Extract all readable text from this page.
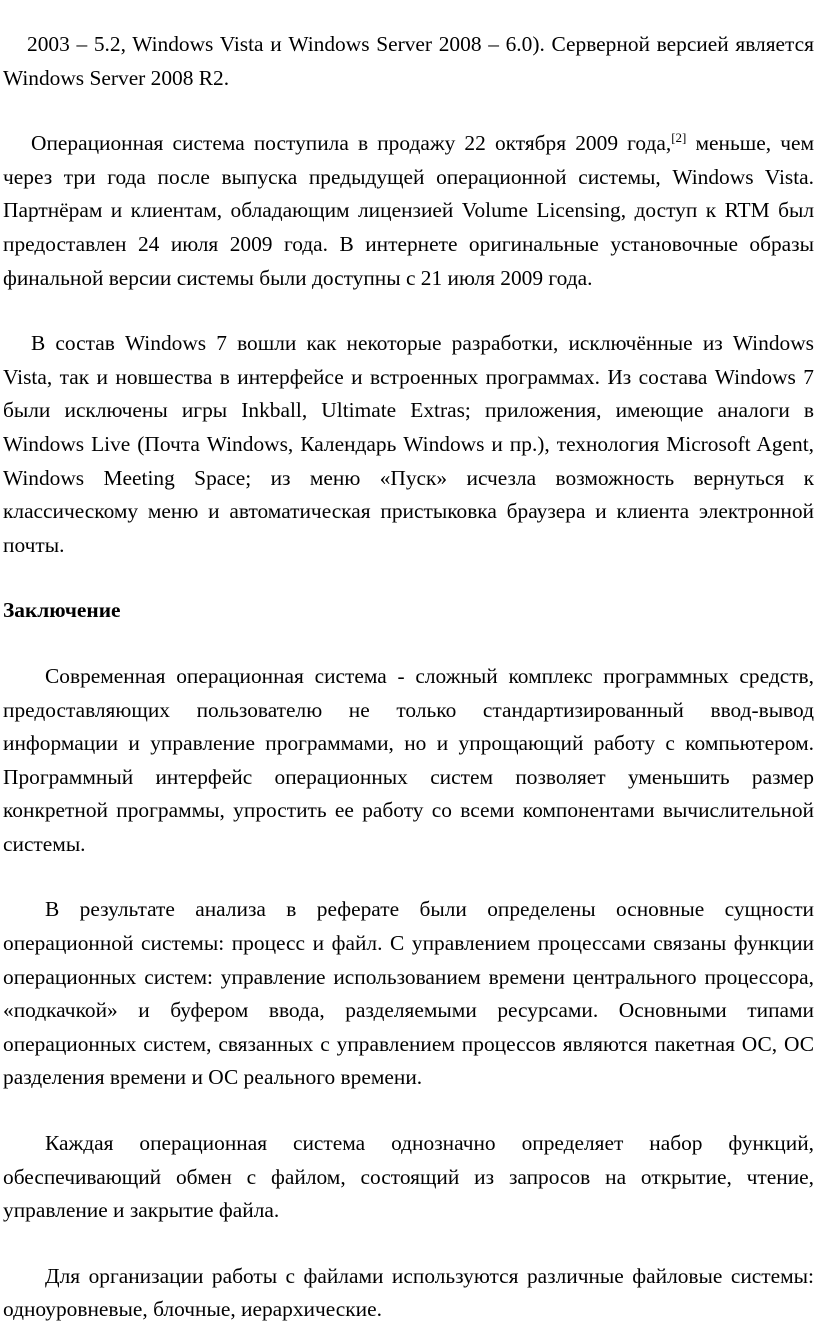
2003 – 5.2, Windows Vista и Windows Server 2008 – 6.0). Серверной версией является Windows Server 2008 R2.

Операционная система поступила в продажу 22 октября 2009 года,[2] меньше, чем через три года после выпуска предыдущей операционной системы, Windows Vista. Партнёрам и клиентам, обладающим лицензией Volume Licensing, доступ к RTM был предоставлен 24 июля 2009 года. В интернете оригинальные установочные образы финальной версии системы были доступны с 21 июля 2009 года.

В состав Windows 7 вошли как некоторые разработки, исключённые из Windows Vista, так и новшества в интерфейсе и встроенных программах. Из состава Windows 7 были исключены игры Inkball, Ultimate Extras; приложения, имеющие аналоги в Windows Live (Почта Windows, Календарь Windows и пр.), технология Microsoft Agent, Windows Meeting Space; из меню «Пуск» исчезла возможность вернуться к классическому меню и автоматическая пристыковка браузера и клиента электронной почты.

Заключение

Современная операционная система - сложный комплекс программных средств, предоставляющих пользователю не только стандартизированный ввод-вывод информации и управление программами, но и упрощающий работу с компьютером. Программный интерфейс операционных систем позволяет уменьшить размер конкретной программы, упростить ее работу со всеми компонентами вычислительной системы.

В результате анализа в реферате были определены основные сущности операционной системы: процесс и файл. С управлением процессами связаны функции операционных систем: управление использованием времени центрального процессора, «подкачкой» и буфером ввода, разделяемыми ресурсами. Основными типами операционных систем, связанных с управлением процессов являются пакетная ОС, ОС разделения времени и ОС реального времени.

Каждая операционная система однозначно определяет набор функций, обеспечивающий обмен с файлом, состоящий из запросов на открытие, чтение, управление и закрытие файла.

Для организации работы с файлами используются различные файловые системы: одноуровневые, блочные, иерархические.
